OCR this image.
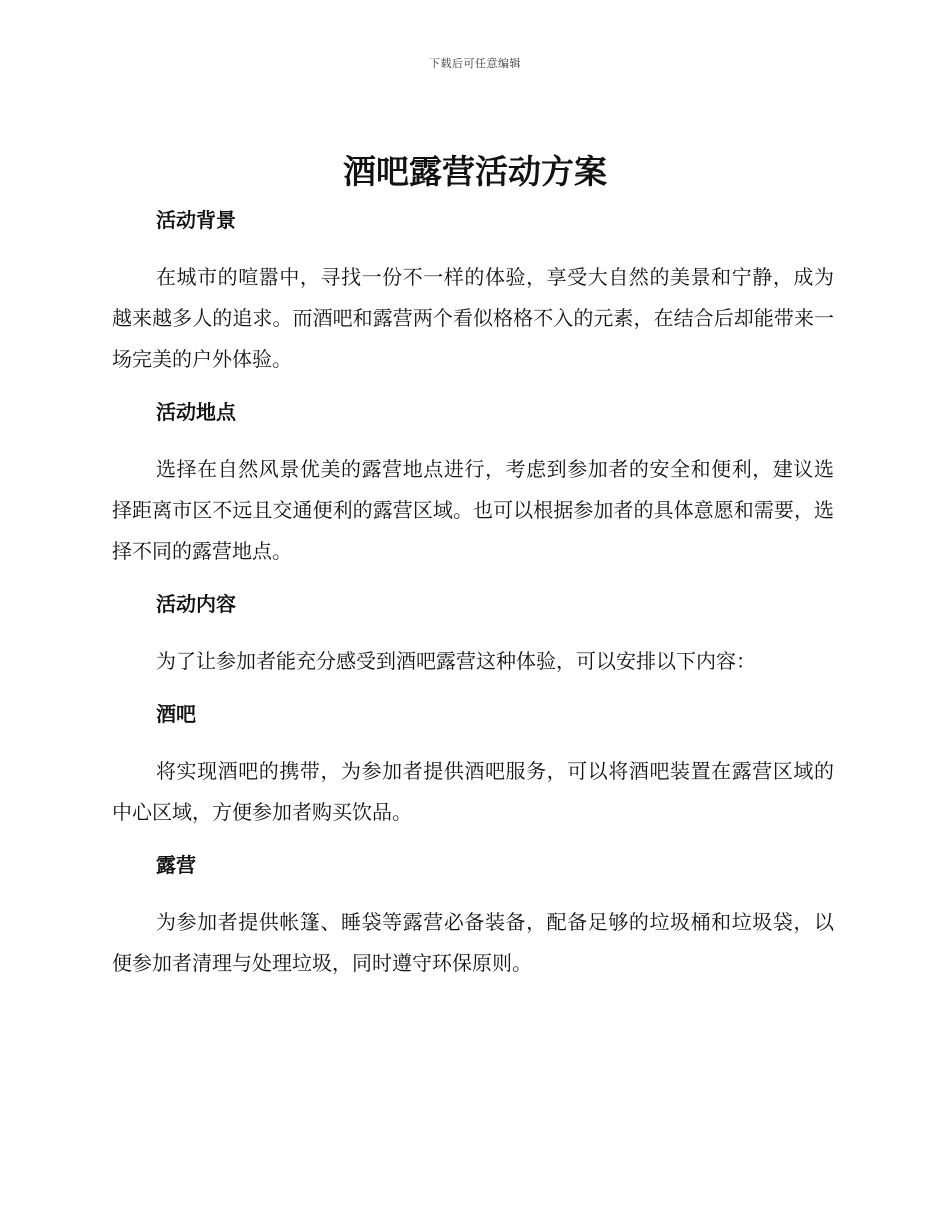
下载后可任意编辑
酒吧露营活动方案
活动背景

在城市的喧嚣中，寻找一份不一样的体验，享受大自然的美景和宁静，成为越来越多人的追求。而酒吧和露营两个看似格格不入的元素，在结合后却能带来一场完美的户外体验。

活动地点

选择在自然风景优美的露营地点进行，考虑到参加者的安全和便利，建议选择距离市区不远且交通便利的露营区域。也可以根据参加者的具体意愿和需要，选择不同的露营地点。

活动内容

为了让参加者能充分感受到酒吧露营这种体验，可以安排以下内容：

酒吧

将实现酒吧的携带，为参加者提供酒吧服务，可以将酒吧装置在露营区域的中心区域，方便参加者购买饮品。

露营

为参加者提供帐篷、睡袋等露营必备装备，配备足够的垃圾桶和垃圾袋，以便参加者清理与处理垃圾，同时遵守环保原则。
